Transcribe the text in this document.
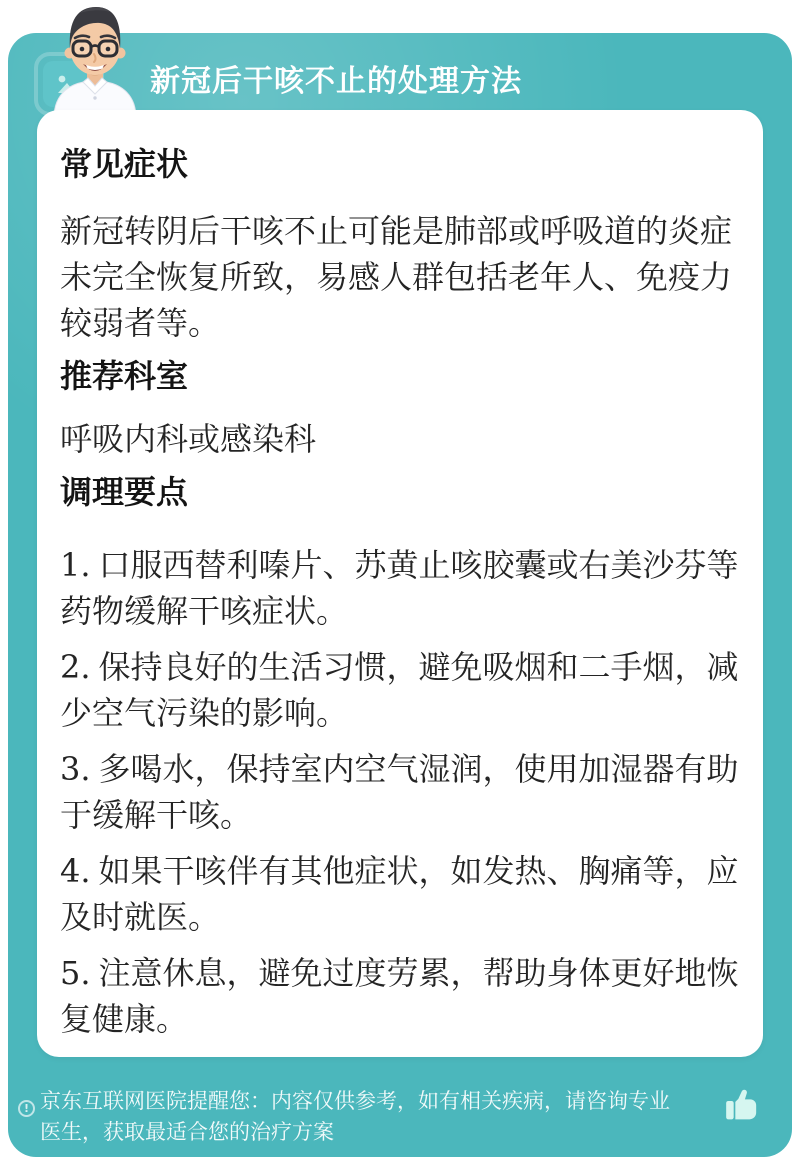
新冠后干咳不止的处理方法
常见症状

新冠转阴后干咳不止可能是肺部或呼吸道的炎症未完全恢复所致，易感人群包括老年人、免疫力较弱者等。

推荐科室

呼吸内科或感染科

调理要点

1. 口服西替利嗪片、苏黄止咳胶囊或右美沙芬等药物缓解干咳症状。

2. 保持良好的生活习惯，避免吸烟和二手烟，减少空气污染的影响。

3. 多喝水，保持室内空气湿润，使用加湿器有助于缓解干咳。

4. 如果干咳伴有其他症状，如发热、胸痛等，应及时就医。

5. 注意休息，避免过度劳累，帮助身体更好地恢复健康。

! 京东互联网医院提醒您：内容仅供参考，如有相关疾病，请咨询专业医生，获取最适合您的治疗方案
